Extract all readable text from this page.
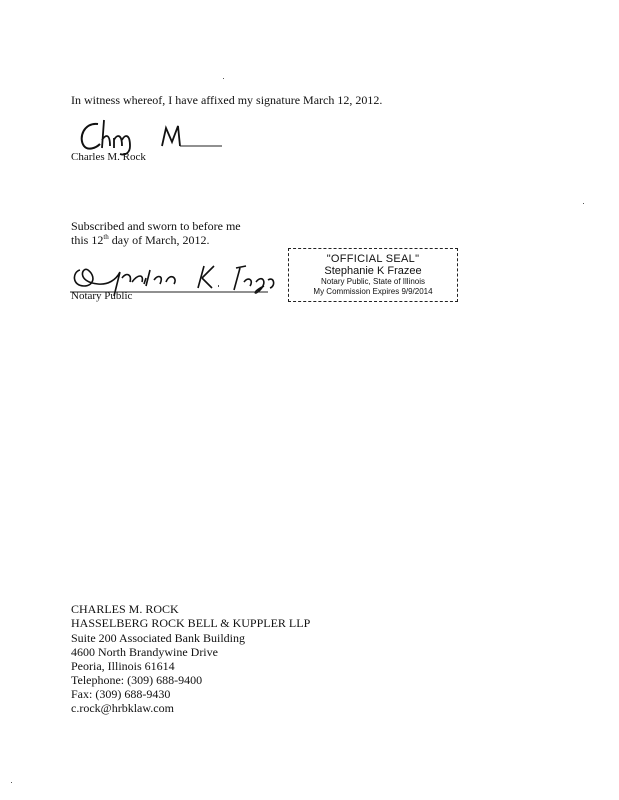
In witness whereof, I have affixed my signature March 12, 2012.
Charles M. Rock
Subscribed and sworn to before me
this 12th day of March, 2012.
Notary Public
"OFFICIAL SEAL"
Stephanie K Frazee
Notary Public, State of Illinois
My Commission Expires 9/9/2014
CHARLES M. ROCK
HASSELBERG ROCK BELL & KUPPLER LLP
Suite 200 Associated Bank Building
4600 North Brandywine Drive
Peoria, Illinois 61614
Telephone: (309) 688-9400
Fax: (309) 688-9430
c.rock@hrbklaw.com
